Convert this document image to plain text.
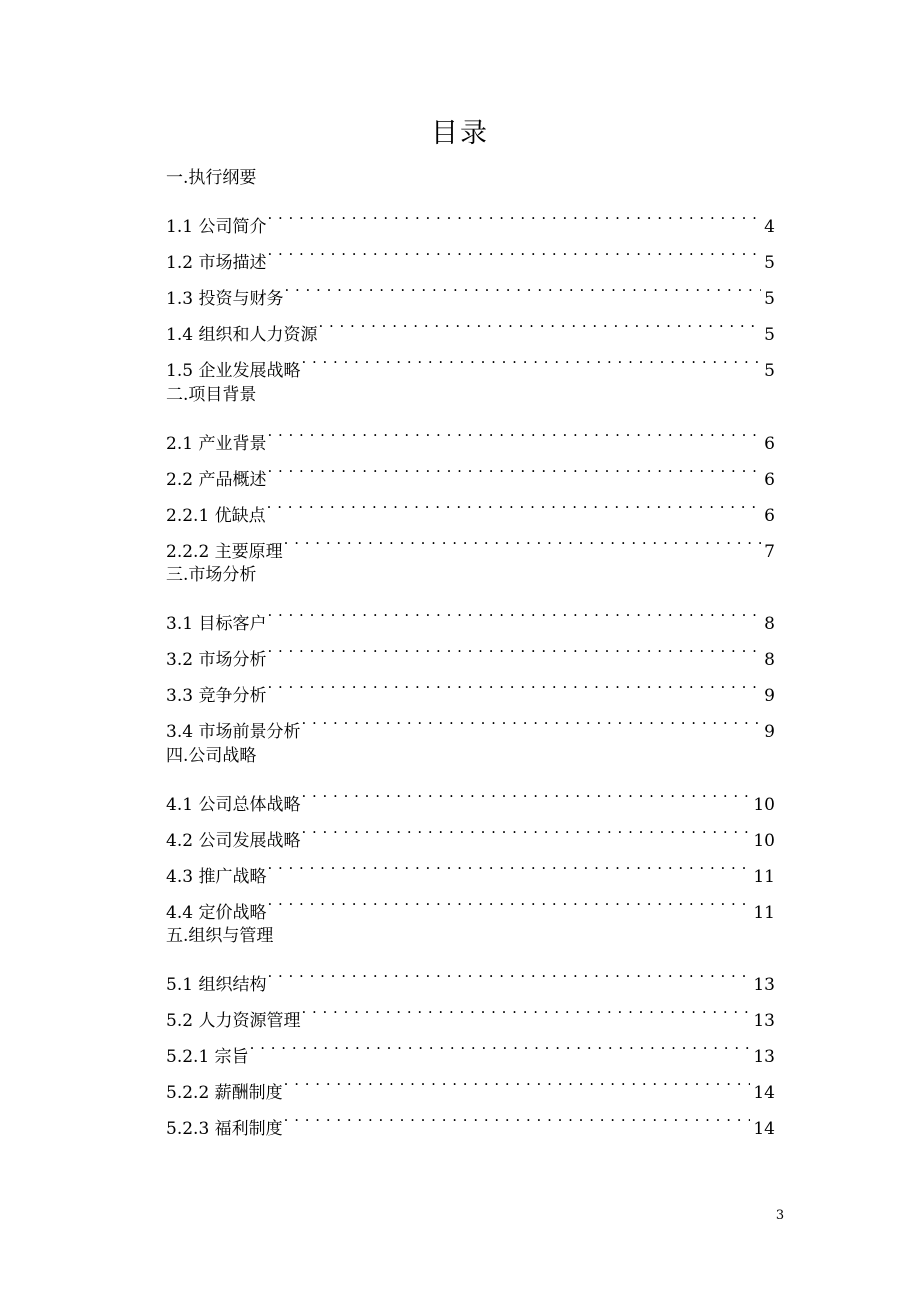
目录
一.执行纲要
1.1 公司简介 . . .	4
1.2 市场描述 . . .	5
1.3 投资与财务 . . .	5
1.4 组织和人力资源 . . .	5
1.5 企业发展战略 . . .	5
二.项目背景
2.1 产业背景 . . .	6
2.2 产品概述 . . .	6
2.2.1 优缺点 . . .	6
2.2.2 主要原理 . . .	7
三.市场分析
3.1 目标客户 . . .	8
3.2 市场分析 . . .	8
3.3 竞争分析 . . .	9
3.4 市场前景分析 . . .	9
四.公司战略
4.1 公司总体战略 . . .	10
4.2 公司发展战略 . . .	10
4.3 推广战略 . . .	11
4.4 定价战略 . . .	11
五.组织与管理
5.1 组织结构 . . .	13
5.2 人力资源管理 . . .	13
5.2.1 宗旨 . . .	13
5.2.2 薪酬制度 . . .	14
5.2.3 福利制度 . . .	14
3
